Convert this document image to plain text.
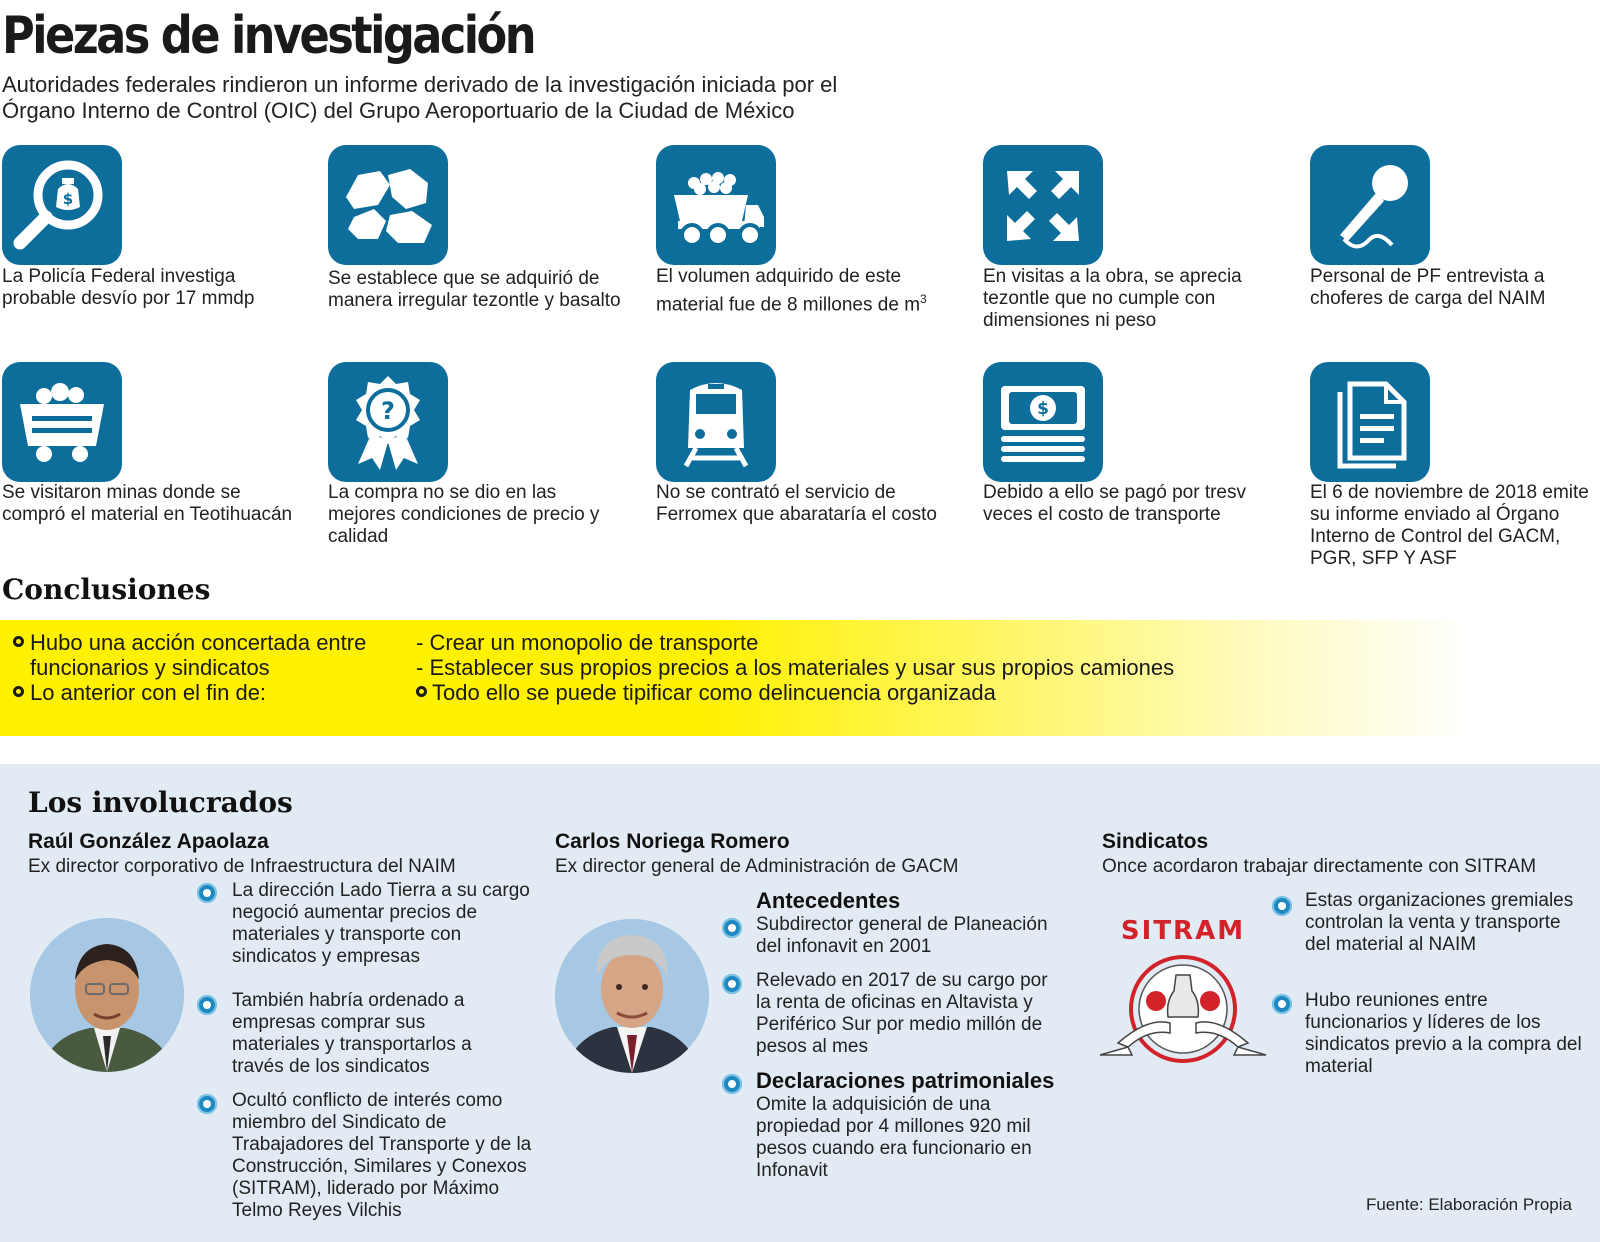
Piezas de investigación
Autoridades federales rindieron un informe derivado de la investigación iniciada por el Órgano Interno de Control (OIC) del Grupo Aeroportuario de la Ciudad de México
$
La Policía Federal investiga probable desvío por 17 mmdp
Se establece que se adquirió de manera irregular tezontle y basalto
El volumen adquirido de este material fue de 8 millones de $m^3$
En visitas a la obra, se aprecia tezontle que no cumple con dimensiones ni peso
Personal de PF entrevista a choferes de carga del NAIM
?	$
Se visitaron minas donde se compró el material en Teotihuacán
La compra no se dio en las mejores condiciones de precio y calidad
No se contrató el servicio de Ferromex que abarataría el costo
Debido a ello se pagó por tresv veces el costo de transporte
El 6 de noviembre de 2018 emite su informe enviado al Órgano Interno de Control del GACM, PGR, SFP Y ASF
Conclusiones
Hubo una acción concertada entre funcionarios y sindicatos
Lo anterior con el fin de:
- Crear un monopolio de transporte
- Establecer sus propios precios a los materiales y usar sus propios camiones
Todo ello se puede tipificar como delincuencia organizada
Los involucrados
Raúl González Apaolaza
Ex director corporativo de Infraestructura del NAIM
La dirección Lado Tierra a su cargo negoció aumentar precios de materiales y transporte con sindicatos y empresas
También habría ordenado a empresas comprar sus materiales y transportarlos a través de los sindicatos
Ocultó conflicto de interés como miembro del Sindicato de Trabajadores del Transporte y de la Construcción, Similares y Conexos (SITRAM), liderado por Máximo Telmo Reyes Vilchis
Carlos Noriega Romero
Ex director general de Administración de GACM
Antecedentes
Subdirector general de Planeación del infonavit en 2001
Relevado en 2017 de su cargo por la renta de oficinas en Altavista y Periférico Sur por medio millón de pesos al mes
Declaraciones patrimoniales
Omite la adquisición de una propiedad por 4 millones 920 mil pesos cuando era funcionario en Infonavit
Sindicatos
Once acordaron trabajar directamente con SITRAM
SITRAM
Estas organizaciones gremiales controlan la venta y transporte del material al NAIM
Hubo reuniones entre funcionarios y líderes de los sindicatos previo a la compra del material
Fuente: Elaboración Propia
